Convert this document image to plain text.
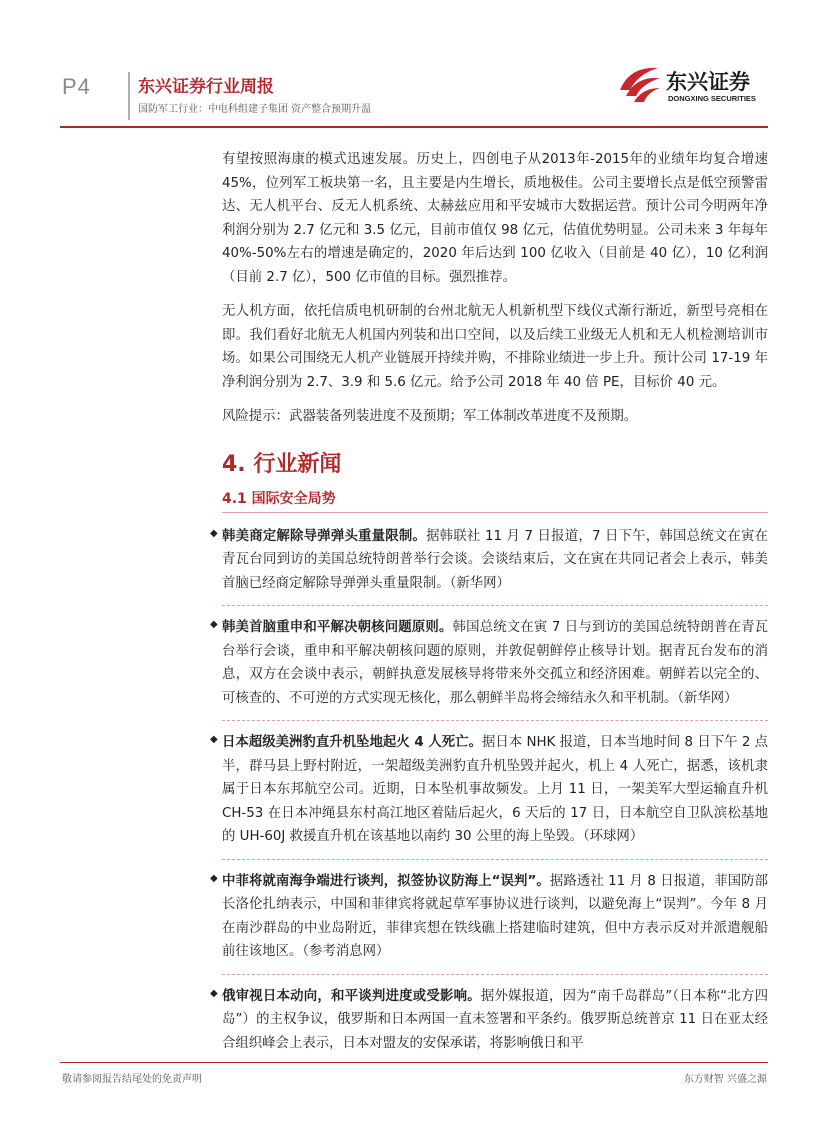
P4	东兴证券行业周报
国防军工行业：中电科组建子集团 资产整合预期升温
东兴证券
DONGXING SECURITIES

有望按照海康的模式迅速发展。历史上，四创电子从2013年-2015年的业绩年均复合增速 45%，位列军工板块第一名，且主要是内生增长，质地极佳。公司主要增长点是低空预警雷达、无人机平台、反无人机系统、太赫兹应用和平安城市大数据运营。预计公司今明两年净利润分别为 2.7 亿元和 3.5 亿元，目前市值仅 98 亿元，估值优势明显。公司未来 3 年每年 40%-50%左右的增速是确定的，2020 年后达到 100 亿收入（目前是 40 亿），10 亿利润（目前 2.7 亿），500 亿市值的目标。强烈推荐。

无人机方面，依托信质电机研制的台州北航无人机新机型下线仪式渐行渐近，新型号亮相在即。我们看好北航无人机国内列装和出口空间，以及后续工业级无人机和无人机检测培训市场。如果公司围绕无人机产业链展开持续并购，不排除业绩进一步上升。预计公司 17-19 年净利润分别为 2.7、3.9 和 5.6 亿元。给予公司 2018 年 40 倍 PE，目标价 40 元。

风险提示：武器装备列装进度不及预期；军工体制改革进度不及预期。

4. 行业新闻
4.1 国际安全局势
◆ 韩美商定解除导弹弹头重量限制。据韩联社 11 月 7 日报道，7 日下午，韩国总统文在寅在青瓦台同到访的美国总统特朗普举行会谈。会谈结束后，文在寅在共同记者会上表示，韩美首脑已经商定解除导弹弹头重量限制。（新华网）

◆ 韩美首脑重申和平解决朝核问题原则。韩国总统文在寅 7 日与到访的美国总统特朗普在青瓦台举行会谈，重申和平解决朝核问题的原则，并敦促朝鲜停止核导计划。据青瓦台发布的消息，双方在会谈中表示，朝鲜执意发展核导将带来外交孤立和经济困难。朝鲜若以完全的、可核查的、不可逆的方式实现无核化，那么朝鲜半岛将会缔结永久和平机制。（新华网）

◆ 日本超级美洲豹直升机坠地起火 4 人死亡。据日本 NHK 报道，日本当地时间 8 日下午 2 点半，群马县上野村附近，一架超级美洲豹直升机坠毁并起火，机上 4 人死亡，据悉，该机隶属于日本东邦航空公司。近期，日本坠机事故频发。上月 11 日，一架美军大型运输直升机 CH-53 在日本冲绳县东村高江地区着陆后起火，6 天后的 17 日，日本航空自卫队滨松基地的 UH-60J 救援直升机在该基地以南约 30 公里的海上坠毁。（环球网）

◆ 中菲将就南海争端进行谈判，拟签协议防海上“误判”。据路透社 11 月 8 日报道，菲国防部长洛伦扎纳表示，中国和菲律宾将就起草军事协议进行谈判，以避免海上“误判”。今年 8 月在南沙群岛的中业岛附近，菲律宾想在铁线礁上搭建临时建筑，但中方表示反对并派遣舰船前往该地区。（参考消息网）

◆ 俄审视日本动向，和平谈判进度或受影响。据外媒报道，因为“南千岛群岛”（日本称“北方四岛”）的主权争议，俄罗斯和日本两国一直未签署和平条约。俄罗斯总统普京 11 日在亚太经合组织峰会上表示，日本对盟友的安保承诺，将影响俄日和平

敬请参阅报告结尾处的免责声明	东方财智 兴盛之源
